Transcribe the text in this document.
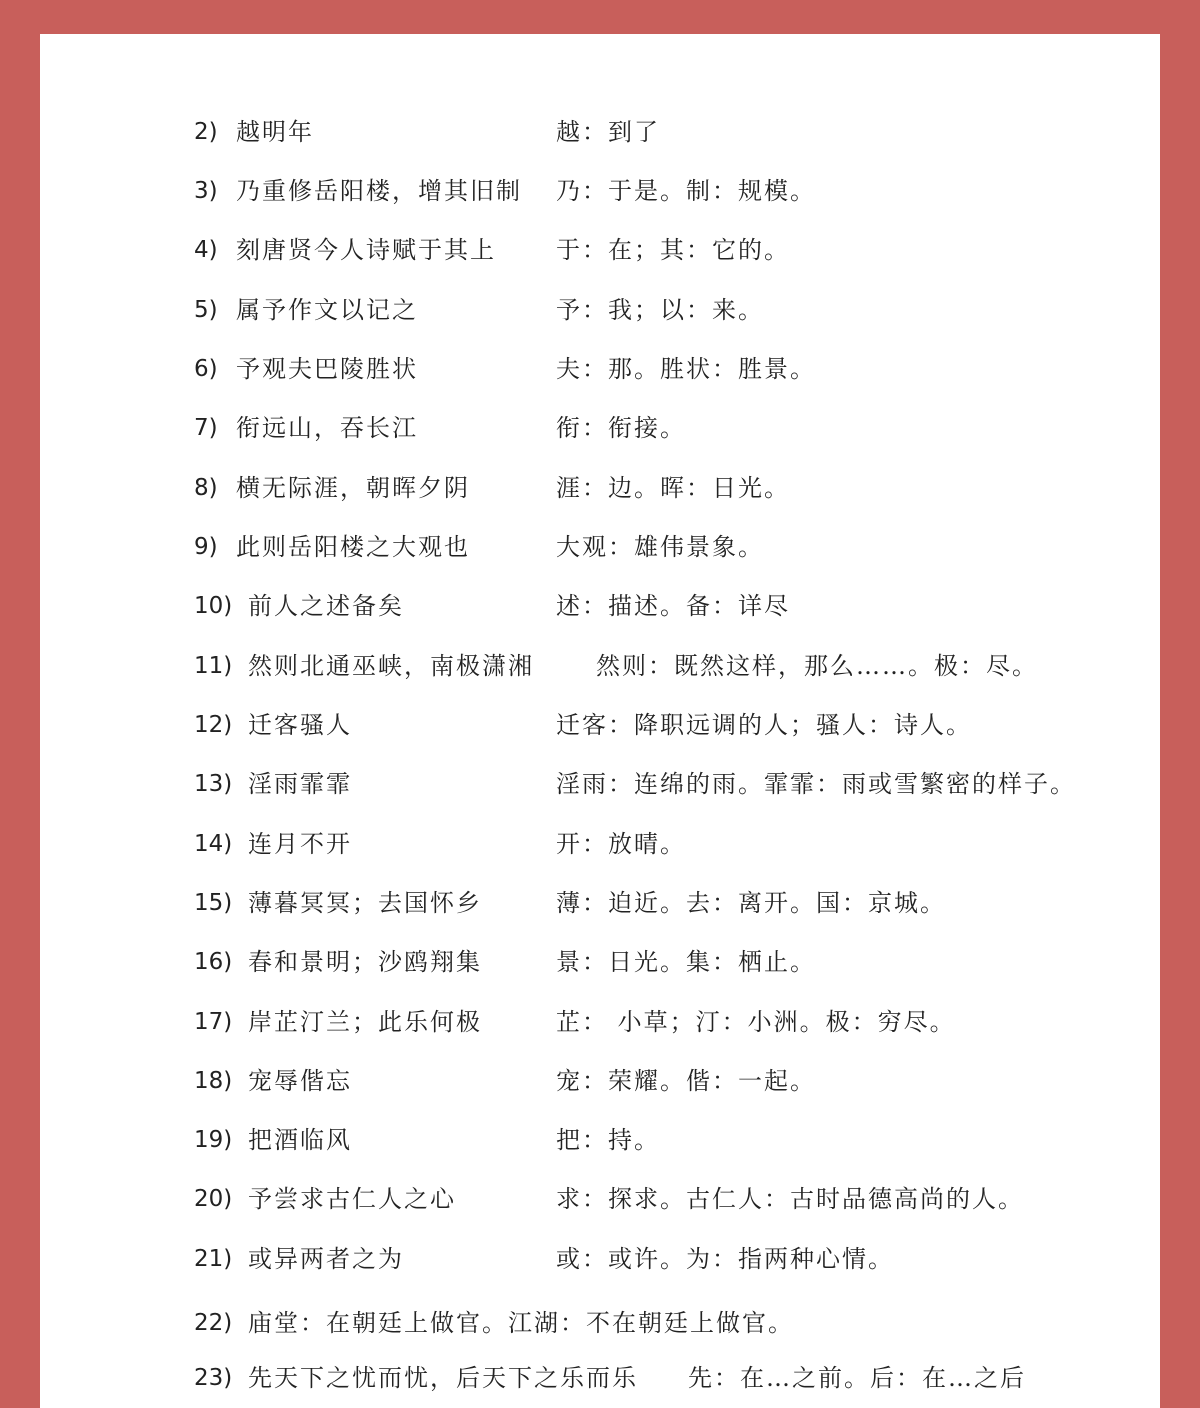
2) 越明年	越：到了
3) 乃重修岳阳楼，增其旧制 乃：于是。制：规模。
4) 刻唐贤今人诗赋于其上	于：在；其：它的。
5) 属予作文以记之	予：我；以：来。
6) 予观夫巴陵胜状	夫：那。胜状：胜景。
7) 衔远山，吞长江	衔：衔接。
8) 横无际涯，朝晖夕阴	涯：边。晖：日光。
9) 此则岳阳楼之大观也	大观：雄伟景象。
10) 前人之述备矣	述：描述。备：详尽
11) 然则北通巫峡，南极潇湘	然则：既然这样，那么……。极：尽。
12) 迁客骚人	迁客：降职远调的人；骚人：诗人。
13) 淫雨霏霏	淫雨：连绵的雨。霏霏：雨或雪繁密的样子。
14) 连月不开	开：放晴。
15) 薄暮冥冥；去国怀乡	薄：迫近。去：离开。国：京城。
16) 春和景明；沙鸥翔集	景：日光。集：栖止。
17) 岸芷汀兰；此乐何极	芷： 小草；汀：小洲。极：穷尽。
18) 宠辱偕忘	宠：荣耀。偕：一起。
19) 把酒临风	把：持。
20) 予尝求古仁人之心	求：探求。古仁人：古时品德高尚的人。
21) 或异两者之为	或：或许。为：指两种心情。
22) 庙堂：在朝廷上做官。江湖：不在朝廷上做官。
23) 先天下之忧而忧，后天下之乐而乐 先：在…之前。后：在…之后
